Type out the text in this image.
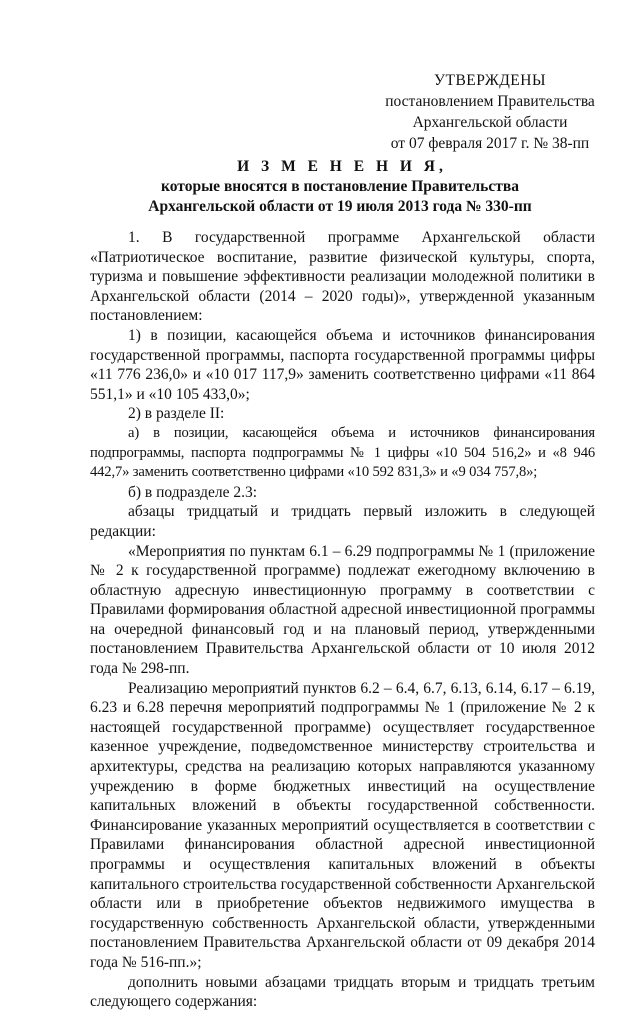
УТВЕРЖДЕНЫ
постановлением Правительства
Архангельской области
от 07 февраля 2017 г. № 38-пп
И З М Е Н Е Н И Я,
которые вносятся в постановление Правительства
Архангельской области от 19 июля 2013 года № 330-пп

1. В государственной программе Архангельской области «Патриотическое воспитание, развитие физической культуры, спорта, туризма и повышение эффективности реализации молодежной политики в Архангельской области (2014 – 2020 годы)», утвержденной указанным постановлением:

1) в позиции, касающейся объема и источников финансирования государственной программы, паспорта государственной программы цифры «11 776 236,0» и «10 017 117,9» заменить соответственно цифрами «11 864 551,1» и «10 105 433,0»;

2) в разделе II:

а) в позиции, касающейся объема и источников финансирования подпрограммы, паспорта подпрограммы № 1 цифры «10 504 516,2» и «8 946 442,7» заменить соответственно цифрами «10 592 831,3» и «9 034 757,8»;

б) в подразделе 2.3:

абзацы тридцатый и тридцать первый изложить в следующей редакции:

«Мероприятия по пунктам 6.1 – 6.29 подпрограммы № 1 (приложение № 2 к государственной программе) подлежат ежегодному включению в областную адресную инвестиционную программу в соответствии с Правилами формирования областной адресной инвестиционной программы на очередной финансовый год и на плановый период, утвержденными постановлением Правительства Архангельской области от 10 июля 2012 года № 298-пп.

Реализацию мероприятий пунктов 6.2 – 6.4, 6.7, 6.13, 6.14, 6.17 – 6.19, 6.23 и 6.28 перечня мероприятий подпрограммы № 1 (приложение № 2 к настоящей государственной программе) осуществляет государственное казенное учреждение, подведомственное министерству строительства и архитектуры, средства на реализацию которых направляются указанному учреждению в форме бюджетных инвестиций на осуществление капитальных вложений в объекты государственной собственности. Финансирование указанных мероприятий осуществляется в соответствии с Правилами финансирования областной адресной инвестиционной программы и осуществления капитальных вложений в объекты капитального строительства государственной собственности Архангельской области или в приобретение объектов недвижимого имущества в государственную собственность Архангельской области, утвержденными постановлением Правительства Архангельской области от 09 декабря 2014 года № 516-пп.»;

дополнить новыми абзацами тридцать вторым и тридцать третьим следующего содержания:
